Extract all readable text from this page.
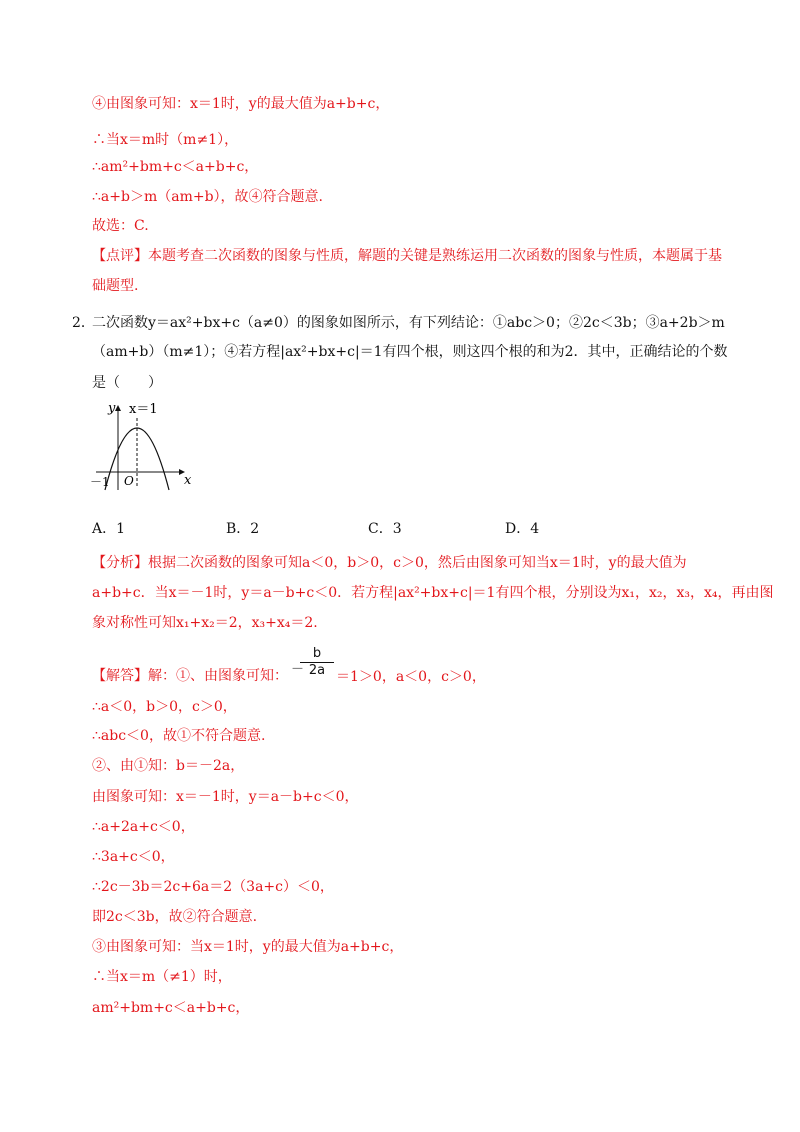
④由图象可知：x＝1时，y的最大值为a+b+c，
∴当x＝m时（m≠1），
∴am²+bm+c＜a+b+c，
∴a+b＞m（am+b），故④符合题意.
故选：C.
【点评】本题考查二次函数的图象与性质，解题的关键是熟练运用二次函数的图象与性质，本题属于基
础题型.
2．
二次函数y＝ax²+bx+c（a≠0）的图象如图所示，有下列结论：①abc＞0；②2c＜3b；③a+2b＞m
（am+b）（m≠1）；④若方程|ax²+bx+c|＝1有四个根，则这四个根的和为2．其中，正确结论的个数
是（　　）
y x＝1
x
O
－1
A．1	B．2	C．3	D．4
【分析】根据二次函数的图象可知a＜0，b＞0，c＞0，然后由图象可知当x＝1时，y的最大值为
a+b+c．当x＝－1时，y＝a－b+c＜0．若方程|ax²+bx+c|＝1有四个根，分别设为x₁，x₂，x₃，x₄，再由图
象对称性可知x₁+x₂＝2，x₃+x₄＝2.
【解答】解：①、由图象可知： －
$\frac{b}{2a} =1>0$，a＜0，c＞0，
∴a＜0，b＞0，c＞0，
∴abc＜0，故①不符合题意.
②、由①知：b＝－2a，
由图象可知：x＝－1时，y＝a－b+c＜0，
∴a+2a+c＜0，
∴3a+c＜0，
∴2c－3b＝2c+6a＝2（3a+c）＜0，
即2c＜3b，故②符合题意.
③由图象可知：当x＝1时，y的最大值为a+b+c，
∴当x＝m（≠1）时，
am²+bm+c＜a+b+c，
